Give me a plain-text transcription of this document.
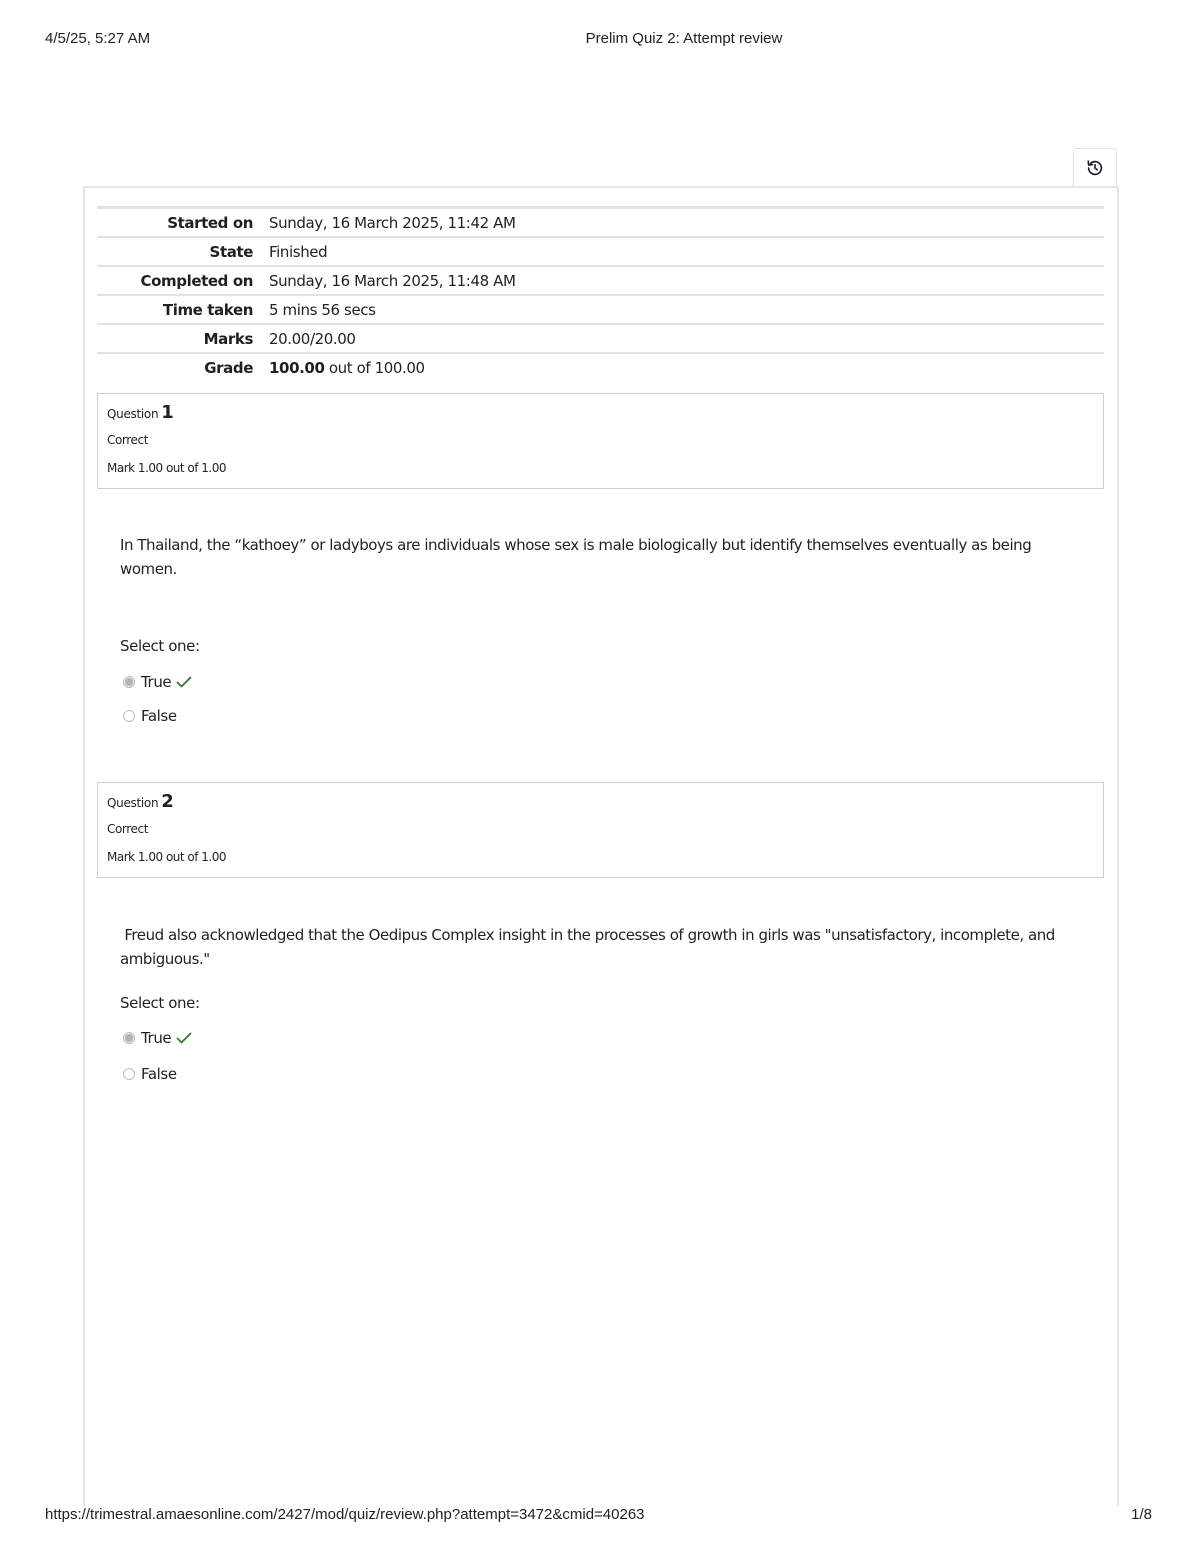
4/5/25, 5:27 AM	Prelim Quiz 2: Attempt review
Started on	Sunday, 16 March 2025, 11:42 AM
State	Finished
Completed on	Sunday, 16 March 2025, 11:48 AM
Time taken	5 mins 56 secs
Marks	20.00/20.00
Grade	100.00 out of 100.00
Question 1
Correct
Mark 1.00 out of 1.00
In Thailand, the “kathoey” or ladyboys are individuals whose sex is male biologically but identify themselves eventually as being women.
Select one:
True
False
Question 2
Correct
Mark 1.00 out of 1.00
Freud also acknowledged that the Oedipus Complex insight in the processes of growth in girls was "unsatisfactory, incomplete, and ambiguous."
Select one:
True
False
https://trimestral.amaesonline.com/2427/mod/quiz/review.php?attempt=3472&cmid=40263	1/8
